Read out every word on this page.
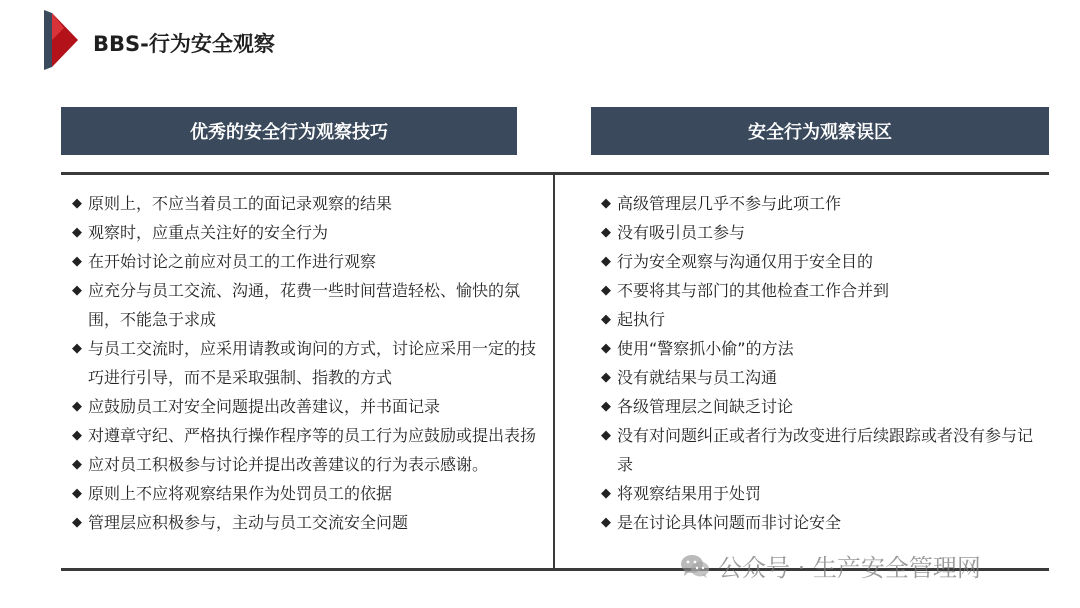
BBS-行为安全观察
优秀的安全行为观察技巧	安全行为观察误区
◆ 原则上，不应当着员工的面记录观察的结果
◆ 观察时，应重点关注好的安全行为
◆ 在开始讨论之前应对员工的工作进行观察
◆ 应充分与员工交流、沟通，花费一些时间营造轻松、愉快的氛围，不能急于求成
◆ 与员工交流时，应采用请教或询问的方式，讨论应采用一定的技巧进行引导，而不是采取强制、指教的方式
◆ 应鼓励员工对安全问题提出改善建议，并书面记录
◆ 对遵章守纪、严格执行操作程序等的员工行为应鼓励或提出表扬
◆ 应对员工积极参与讨论并提出改善建议的行为表示感谢。
◆ 原则上不应将观察结果作为处罚员工的依据
◆ 管理层应积极参与，主动与员工交流安全问题
◆ 高级管理层几乎不参与此项工作
◆ 没有吸引员工参与
◆ 行为安全观察与沟通仅用于安全目的
◆ 不要将其与部门的其他检查工作合并到
◆ 起执行
◆ 使用“警察抓小偷”的方法
◆ 没有就结果与员工沟通
◆ 各级管理层之间缺乏讨论
◆ 没有对问题纠正或者行为改变进行后续跟踪或者没有参与记录
◆ 将观察结果用于处罚
◆ 是在讨论具体问题而非讨论安全
公众号 · 生产安全管理网
